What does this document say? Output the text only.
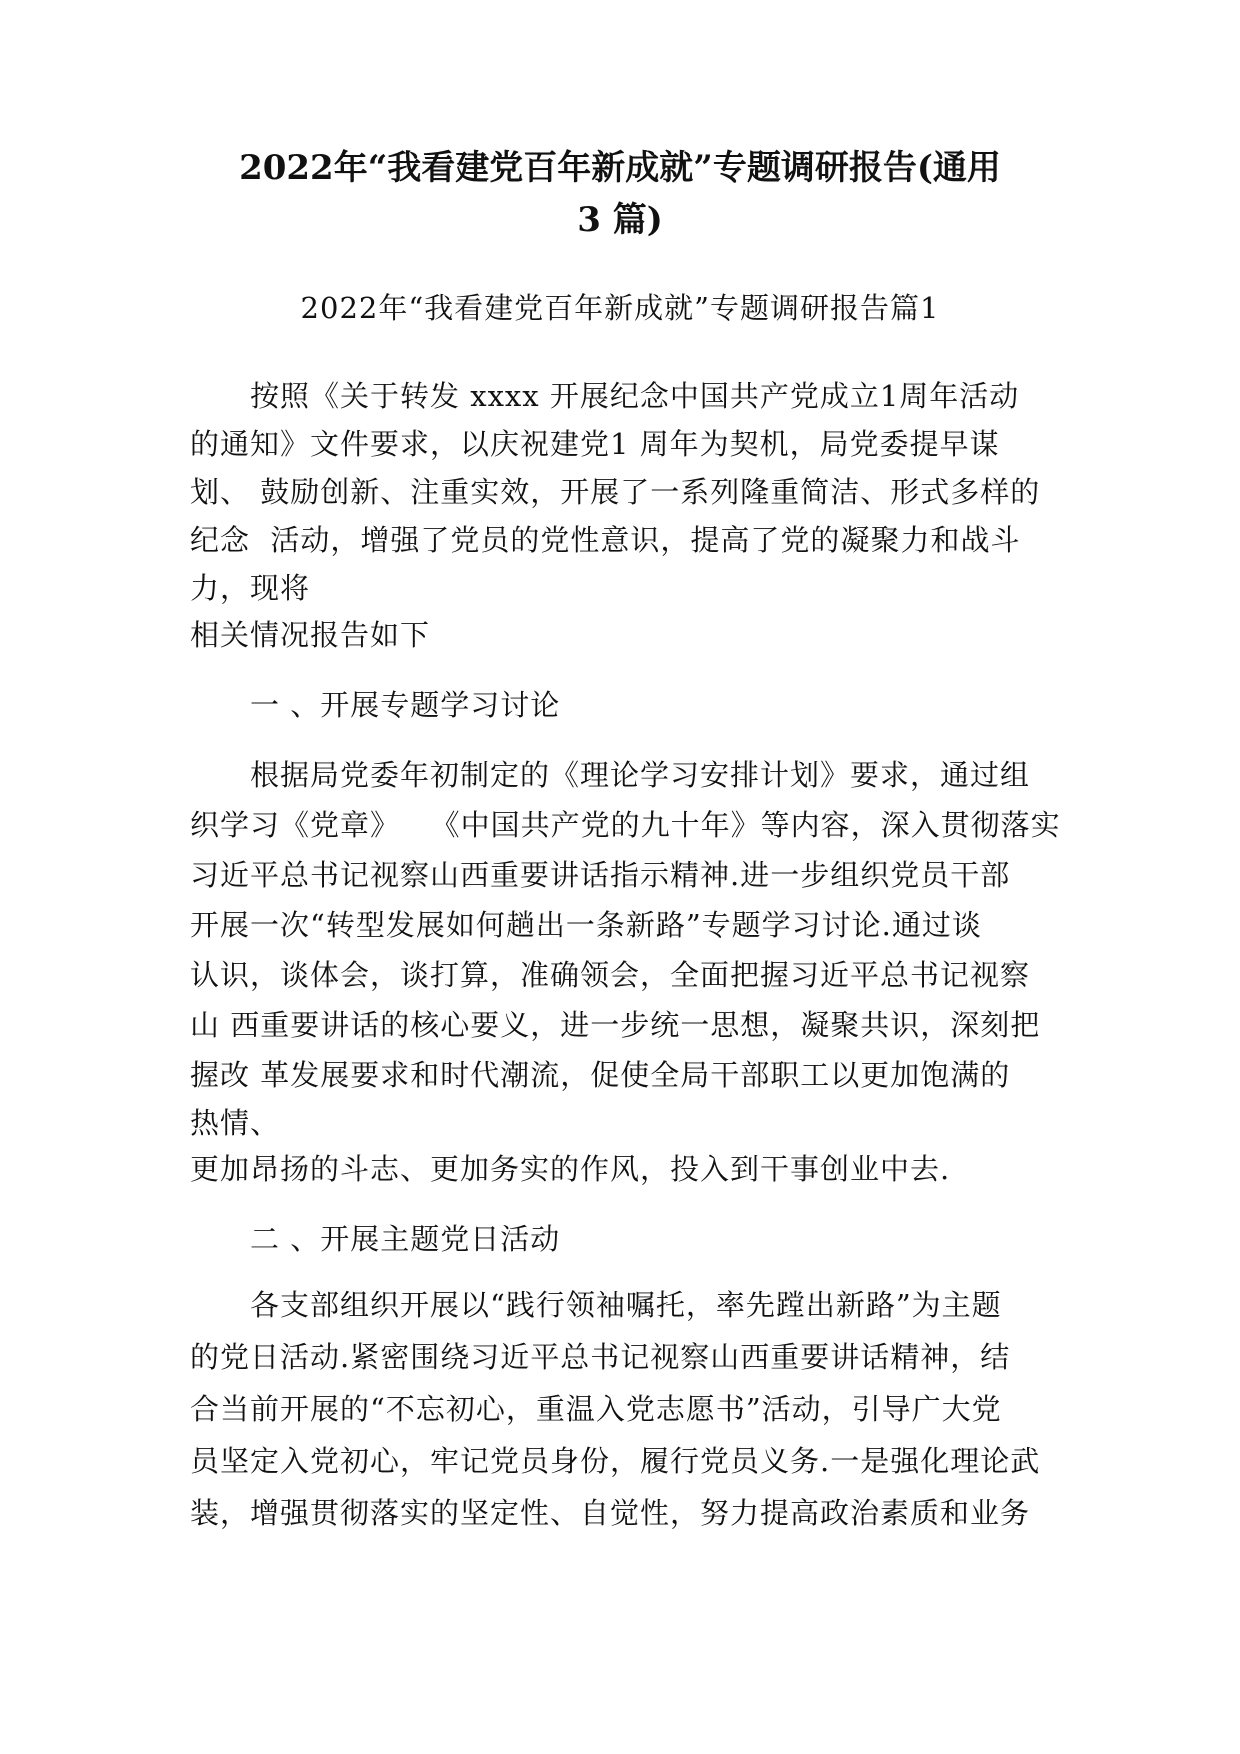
2022年“我看建党百年新成就”专题调研报告(通用
3 篇)
2022年“我看建党百年新成就”专题调研报告篇1
按照《关于转发 xxxx 开展纪念中国共产党成立1周年活动
的通知》文件要求，以庆祝建党1 周年为契机，局党委提早谋
划、 鼓励创新、注重实效，开展了一系列隆重简洁、形式多样的
纪念  活动，增强了党员的党性意识，提高了党的凝聚力和战斗
力，现将
相关情况报告如下
一 、开展专题学习讨论
根据局党委年初制定的《理论学习安排计划》要求，通过组
织学习《党章》   《中国共产党的九十年》等内容，深入贯彻落实
习近平总书记视察山西重要讲话指示精神.进一步组织党员干部
开展一次“转型发展如何趟出一条新路”专题学习讨论.通过谈
认识，谈体会，谈打算，准确领会，全面把握习近平总书记视察
山 西重要讲话的核心要义，进一步统一思想，凝聚共识，深刻把
握改 革发展要求和时代潮流，促使全局干部职工以更加饱满的
热情、
更加昂扬的斗志、更加务实的作风，投入到干事创业中去.
二 、开展主题党日活动
各支部组织开展以“践行领袖嘱托，率先蹚出新路”为主题
的党日活动.紧密围绕习近平总书记视察山西重要讲话精神，结
合当前开展的“不忘初心，重温入党志愿书”活动，引导广大党
员坚定入党初心，牢记党员身份，履行党员义务.一是强化理论武
装，增强贯彻落实的坚定性、自觉性，努力提高政治素质和业务
